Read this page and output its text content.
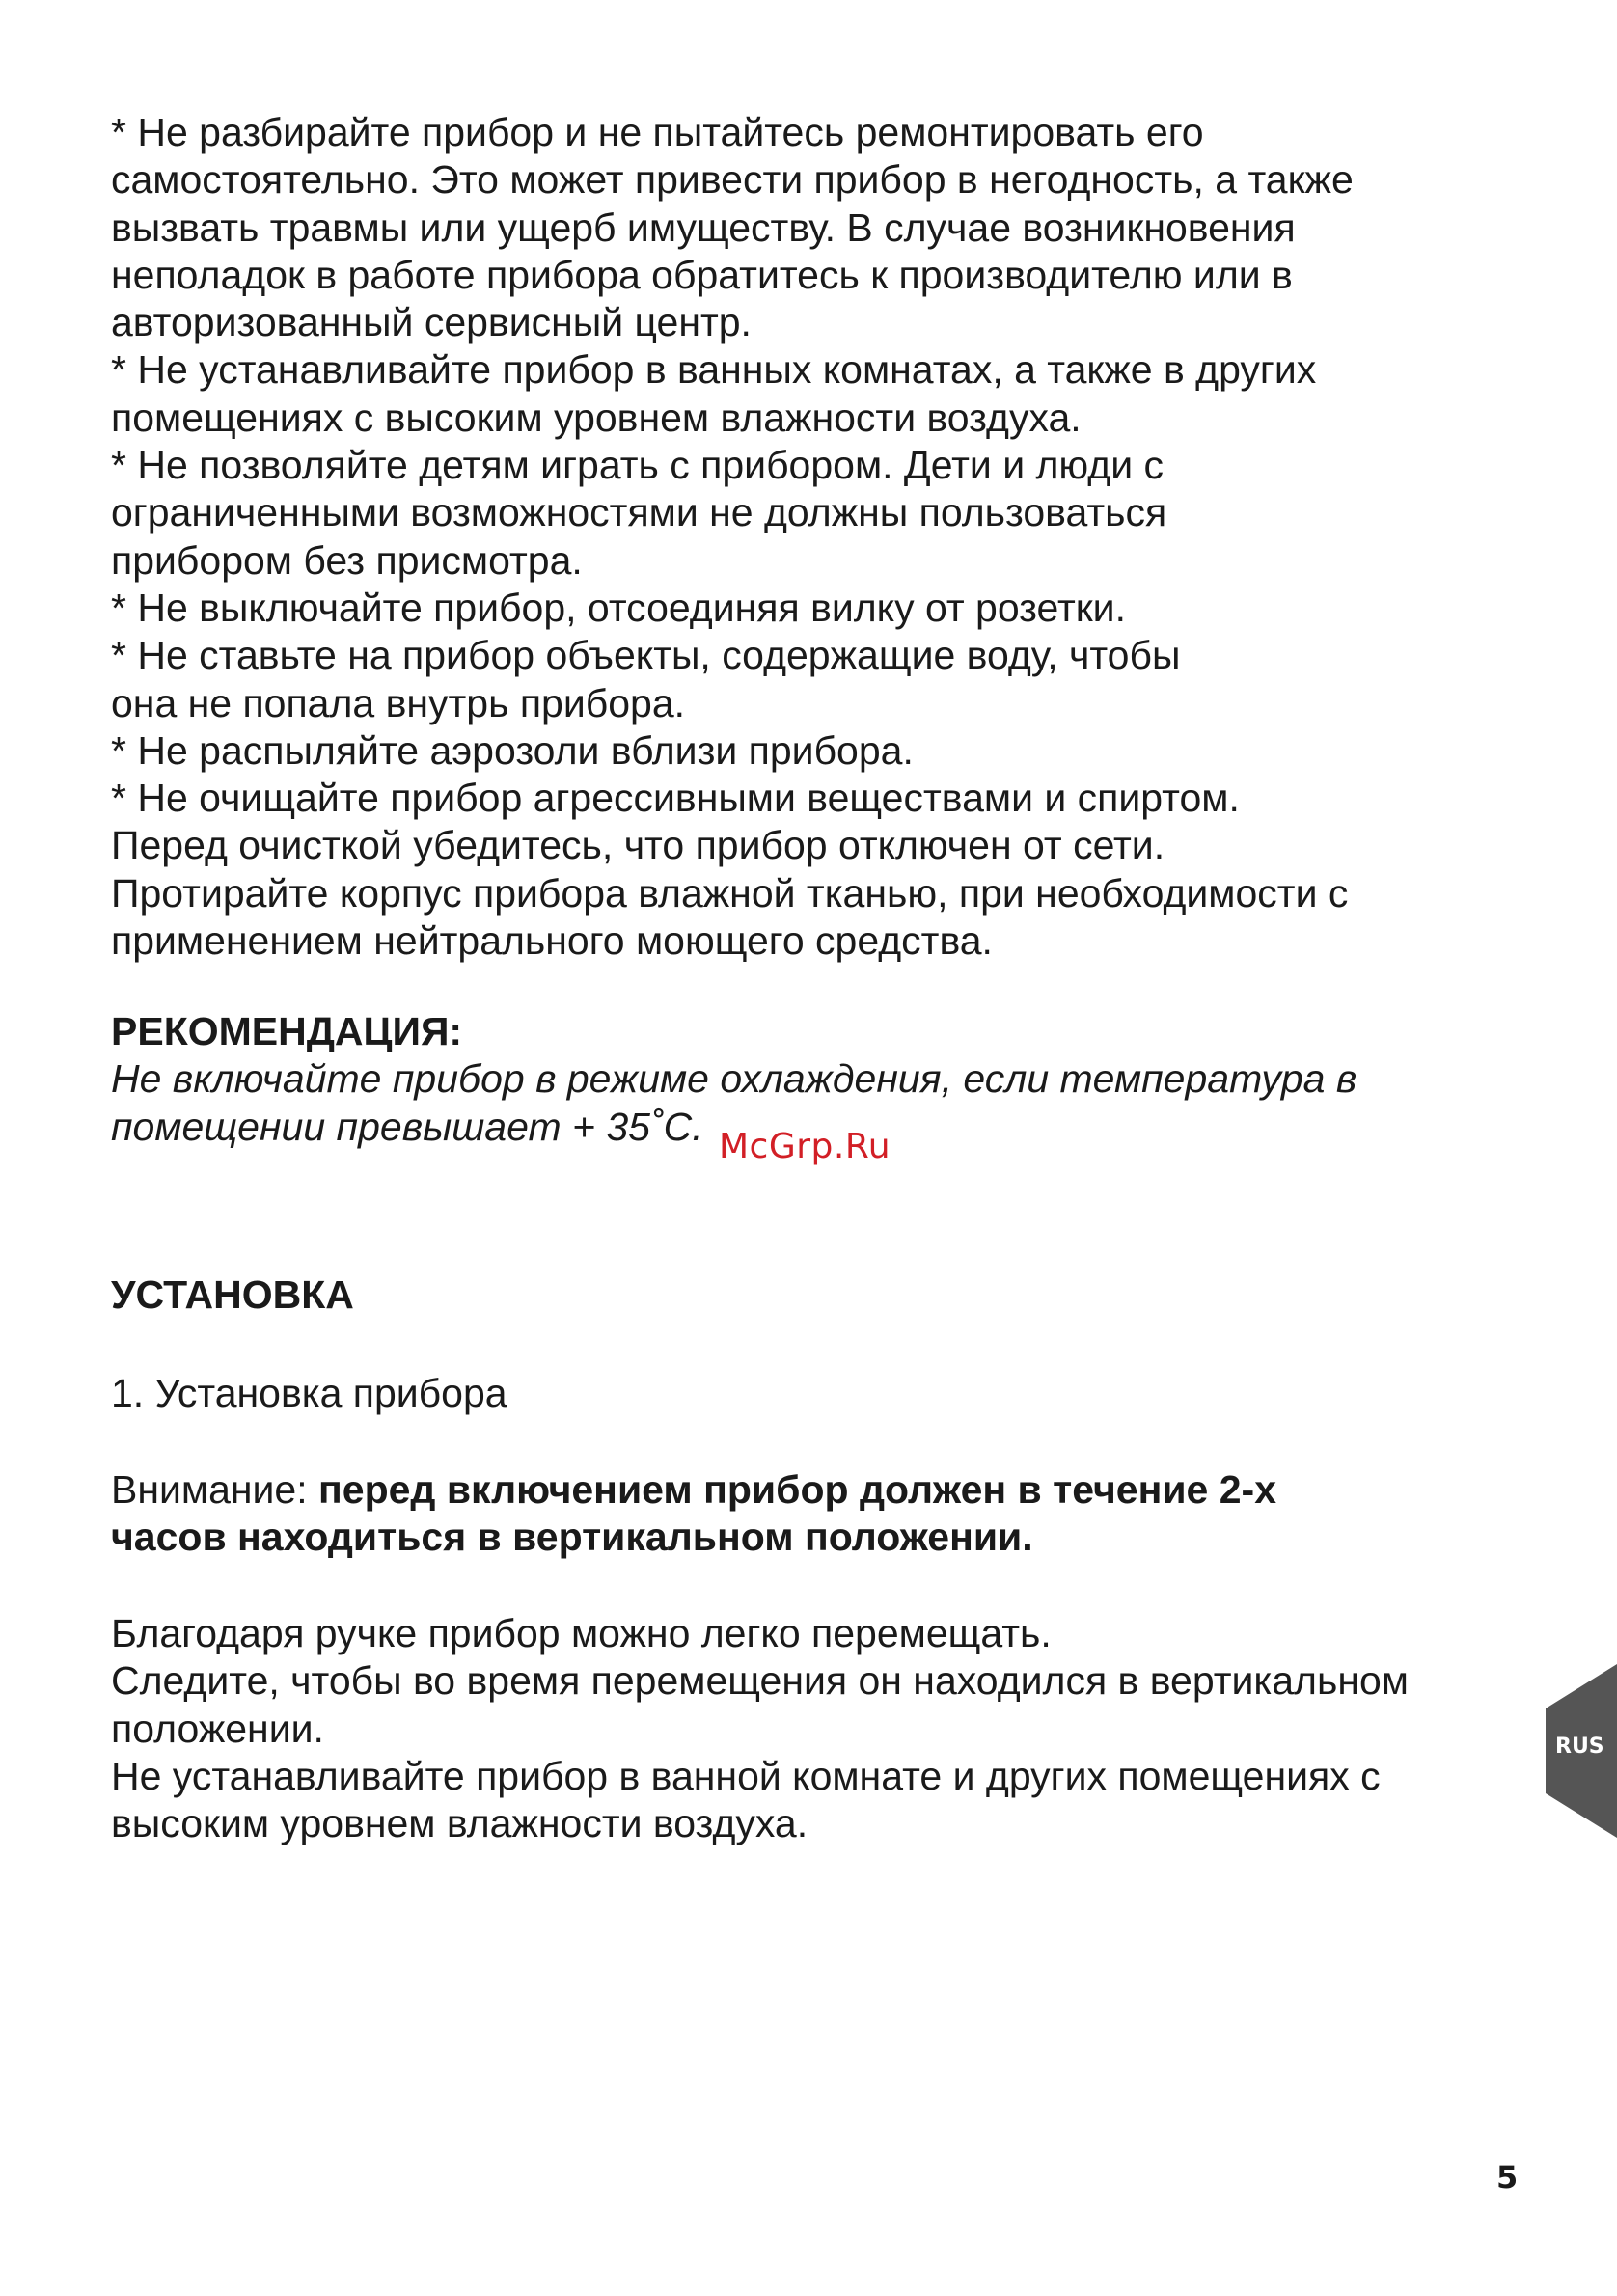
* Не разбирайте прибор и не пытайтесь ремонтировать его
самостоятельно. Это может привести прибор в негодность, а также
вызвать травмы или ущерб имуществу. В случае возникновения
неполадок в работе прибора обратитесь к производителю или в
авторизованный сервисный центр.
* Не устанавливайте прибор в ванных комнатах, а также в других
помещениях с высоким уровнем влажности воздуха.
* Не позволяйте детям играть с прибором. Дети и люди с
ограниченными возможностями не должны пользоваться
прибором без присмотра.
* Не выключайте прибор, отсоединяя вилку от розетки.
* Не ставьте на прибор объекты, содержащие воду, чтобы
она не попала внутрь прибора.
* Не распыляйте аэрозоли вблизи прибора.
* Не очищайте прибор агрессивными веществами и спиртом.
Перед очисткой убедитесь, что прибор отключен от сети.
Протирайте корпус прибора влажной тканью, при необходимости с
применением нейтрального моющего средства.
РЕКОМЕНДАЦИЯ:
Не включайте прибор в режиме охлаждения, если температура в
помещении превышает + 35˚С. McGrp.Ru
УСТАНОВКА
1. Установка прибора
Внимание: перед включением прибор должен в течение 2-х
часов находиться в вертикальном положении.
Благодаря ручке прибор можно легко перемещать.
Следите, чтобы во время перемещения он находился в вертикальном
положении.
Не устанавливайте прибор в ванной комнате и других помещениях с
высоким уровнем влажности воздуха.
RUS
5
